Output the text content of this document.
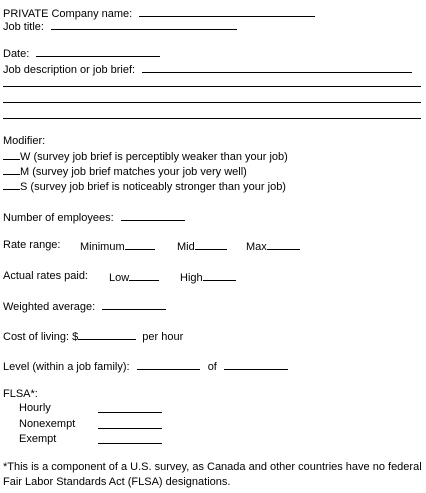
PRIVATE Company name:
Job title:
Date:
Job description or job brief:
Modifier:
W (survey job brief is perceptibly weaker than your job)
M (survey job brief matches your job very well)
S (survey job brief is noticeably stronger than your job)
Number of employees:
Rate range: Minimum	Mid	Max
Actual rates paid: Low	High
Weighted average:
Cost of living: $	per hour
Level (within a job family):	of
FLSA*:
Hourly
Nonexempt
Exempt
*This is a component of a U.S. survey, as Canada and other countries have no federal Fair Labor Standards Act (FLSA) designations.
